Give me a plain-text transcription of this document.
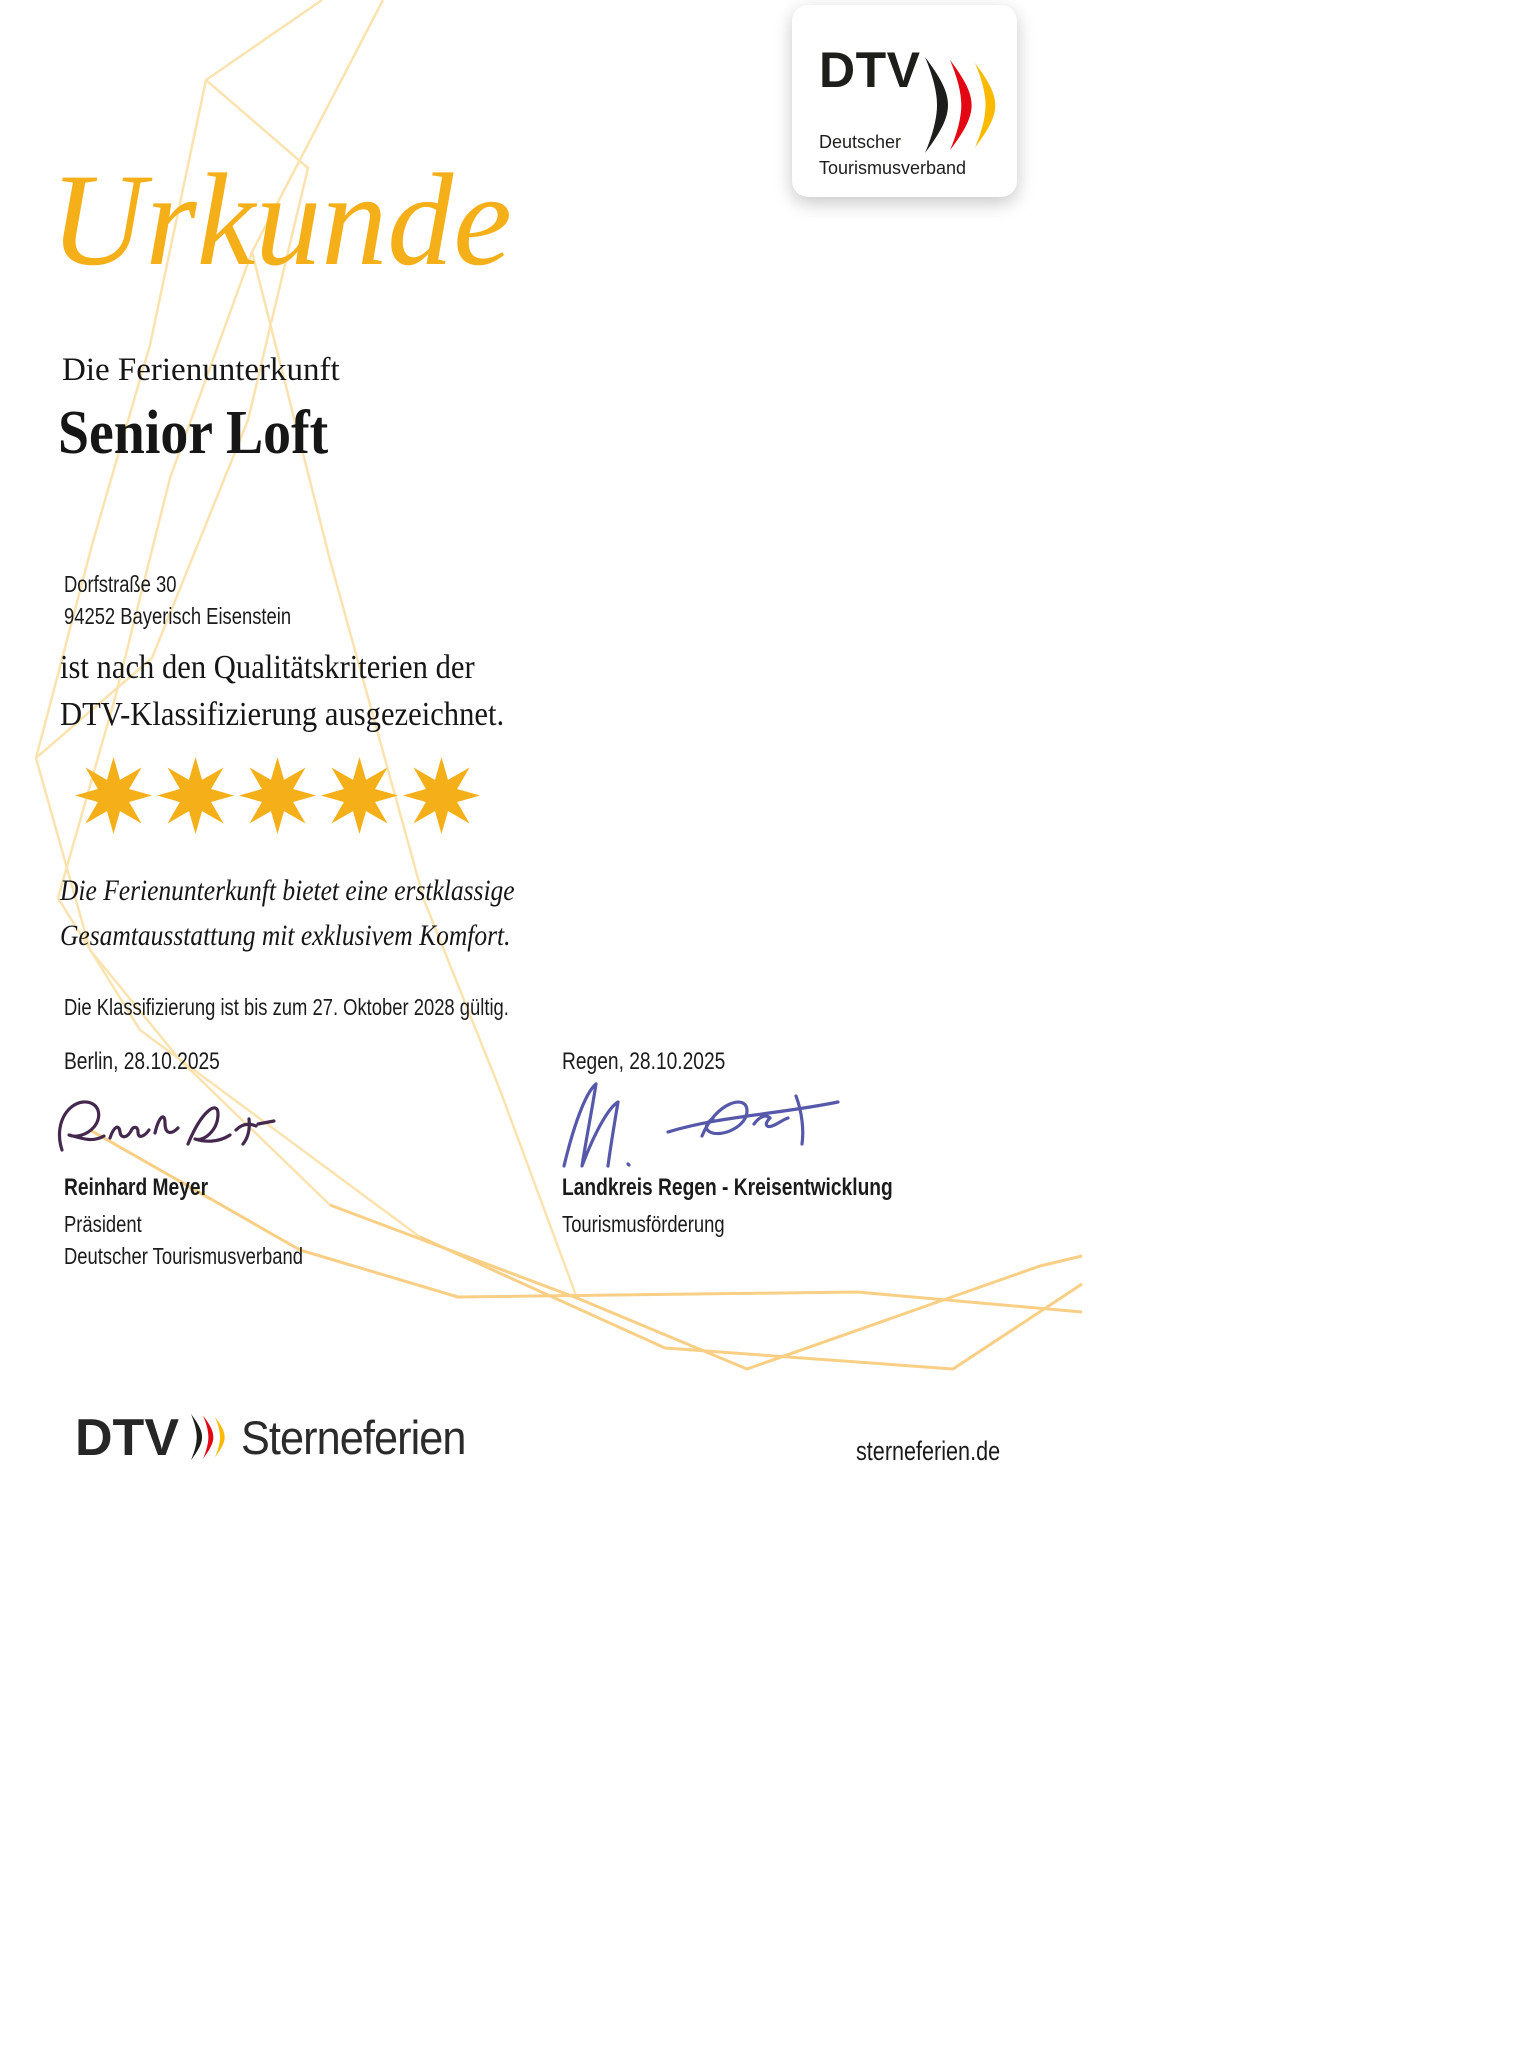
DTV
Deutscher
Tourismusverband
Urkunde
Die Ferienunterkunft
Senior Loft
Dorfstraße 30
94252 Bayerisch Eisenstein
ist nach den Qualitätskriterien der
DTV-Klassifizierung ausgezeichnet.
Die Ferienunterkunft bietet eine erstklassige
Gesamtausstattung mit exklusivem Komfort.
Die Klassifizierung ist bis zum 27. Oktober 2028 gültig.
Berlin, 28.10.2025	Regen, 28.10.2025
Reinhard Meyer
Präsident
Deutscher Tourismusverband
Landkreis Regen - Kreisentwicklung
Tourismusförderung
DTV Sterneferien	sterneferien.de
